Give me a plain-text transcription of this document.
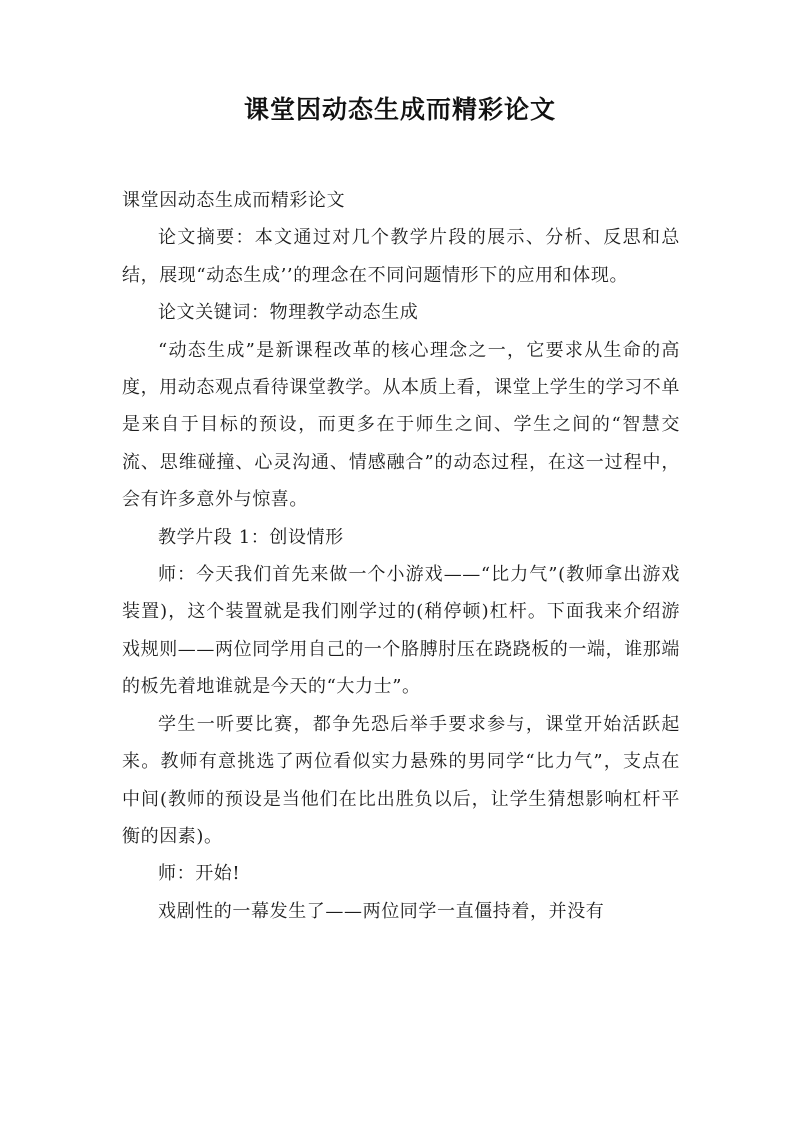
课堂因动态生成而精彩论文

课堂因动态生成而精彩论文

论文摘要：本文通过对几个教学片段的展示、分析、反思和总结，展现“动态生成’’的理念在不同问题情形下的应用和体现。

论文关键词：物理教学动态生成

“动态生成”是新课程改革的核心理念之一，它要求从生命的高度，用动态观点看待课堂教学。从本质上看，课堂上学生的学习不单是来自于目标的预设，而更多在于师生之间、学生之间的“智慧交流、思维碰撞、心灵沟通、情感融合”的动态过程，在这一过程中，会有许多意外与惊喜。

教学片段 1：创设情形

师：今天我们首先来做一个小游戏——“比力气”(教师拿出游戏装置)，这个装置就是我们刚学过的(稍停顿)杠杆。下面我来介绍游戏规则——两位同学用自己的一个胳膊肘压在跷跷板的一端，谁那端的板先着地谁就是今天的“大力士”。

学生一听要比赛，都争先恐后举手要求参与，课堂开始活跃起来。教师有意挑选了两位看似实力悬殊的男同学“比力气”，支点在中间(教师的预设是当他们在比出胜负以后，让学生猜想影响杠杆平衡的因素)。

师：开始!

戏剧性的一幕发生了——两位同学一直僵持着，并没有
